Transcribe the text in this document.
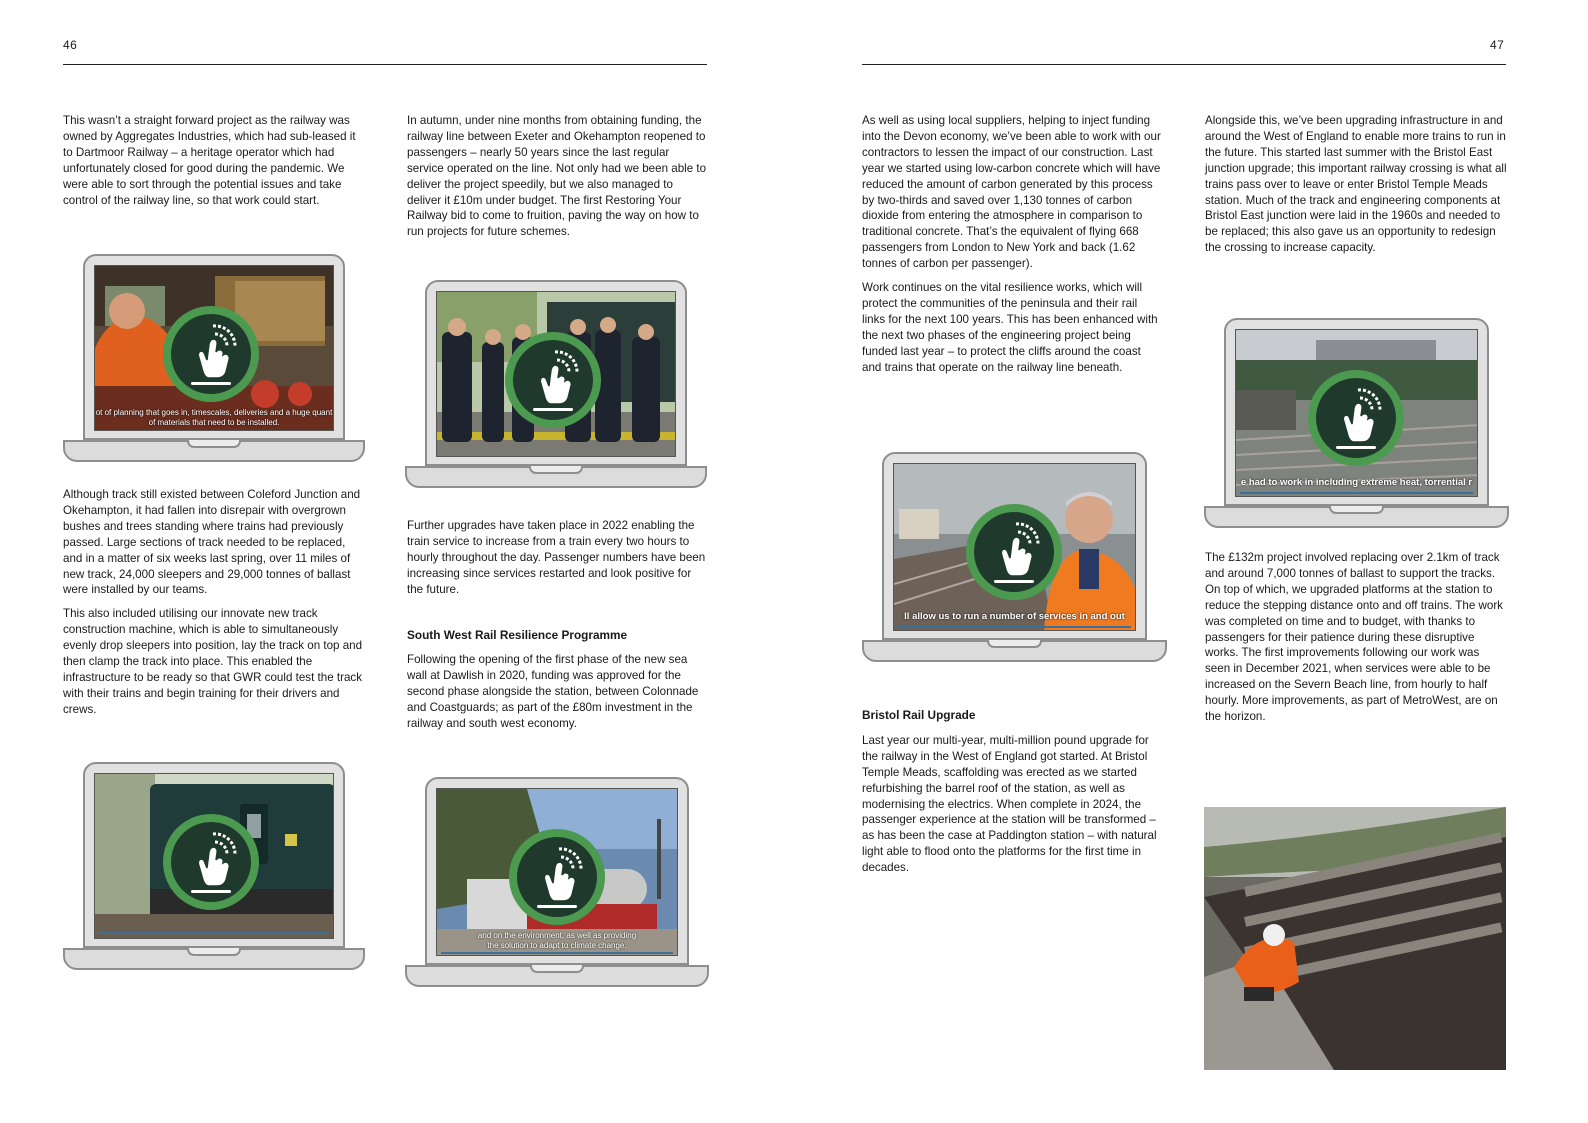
46	47

This wasn’t a straight forward project as the railway was owned by Aggregates Industries, which had sub-leased it to Dartmoor Railway – a heritage operator which had unfortunately closed for good during the pandemic. We were able to sort through the potential issues and take control of the railway line, so that work could start.

Although track still existed between Coleford Junction and Okehampton, it had fallen into disrepair with overgrown bushes and trees standing where trains had previously passed. Large sections of track needed to be replaced, and in a matter of six weeks last spring, over 11 miles of new track, 24,000 sleepers and 29,000 tonnes of ballast were installed by our teams.

This also included utilising our innovate new track construction machine, which is able to simultaneously evenly drop sleepers into position, lay the track on top and then clamp the track into place. This enabled the infrastructure to be ready so that GWR could test the track with their trains and begin training for their drivers and crews.

In autumn, under nine months from obtaining funding, the railway line between Exeter and Okehampton reopened to passengers – nearly 50 years since the last regular service operated on the line. Not only had we been able to deliver the project speedily, but we also managed to deliver it £10m under budget. The first Restoring Your Railway bid to come to fruition, paving the way on how to run projects for future schemes.

Further upgrades have taken place in 2022 enabling the train service to increase from a train every two hours to hourly throughout the day. Passenger numbers have been increasing since services restarted and look positive for the future.

South West Rail Resilience Programme

Following the opening of the first phase of the new sea wall at Dawlish in 2020, funding was approved for the second phase alongside the station, between Colonnade and Coastguards; as part of the £80m investment in the railway and south west economy.

As well as using local suppliers, helping to inject funding into the Devon economy, we’ve been able to work with our contractors to lessen the impact of our construction. Last year we started using low-carbon concrete which will have reduced the amount of carbon generated by this process by two-thirds and saved over 1,130 tonnes of carbon dioxide from entering the atmosphere in comparison to traditional concrete. That’s the equivalent of flying 668 passengers from London to New York and back (1.62 tonnes of carbon per passenger).

Work continues on the vital resilience works, which will protect the communities of the peninsula and their rail links for the next 100 years. This has been enhanced with the next two phases of the engineering project being funded last year – to protect the cliffs around the coast and trains that operate on the railway line beneath.

Bristol Rail Upgrade

Last year our multi-year, multi-million pound upgrade for the railway in the West of England got started. At Bristol Temple Meads, scaffolding was erected as we started refurbishing the barrel roof of the station, as well as modernising the electrics. When complete in 2024, the passenger experience at the station will be transformed – as has been the case at Paddington station – with natural light able to flood onto the platforms for the first time in decades.

Alongside this, we’ve been upgrading infrastructure in and around the West of England to enable more trains to run in the future. This started last summer with the Bristol East junction upgrade; this important railway crossing is what all trains pass over to leave or enter Bristol Temple Meads station. Much of the track and engineering components at Bristol East junction were laid in the 1960s and needed to be replaced; this also gave us an opportunity to redesign the crossing to increase capacity.

The £132m project involved replacing over 2.1km of track and around 7,000 tonnes of ballast to support the tracks. On top of which, we upgraded platforms at the station to reduce the stepping distance onto and off trains. The work was completed on time and to budget, with thanks to passengers for their patience during these disruptive works. The first improvements following our work was seen in December 2021, when services were able to be increased on the Severn Beach line, from hourly to half hourly. More improvements, as part of MetroWest, are on the horizon.

ot of planning that goes in, timescales, deliveries and a huge quant
of materials that need to be installed.
and on the environment, as well as providing
the solution to adapt to climate change.
ll allow us to run a number of services in and out
e had to work in including extreme heat, torrential r
